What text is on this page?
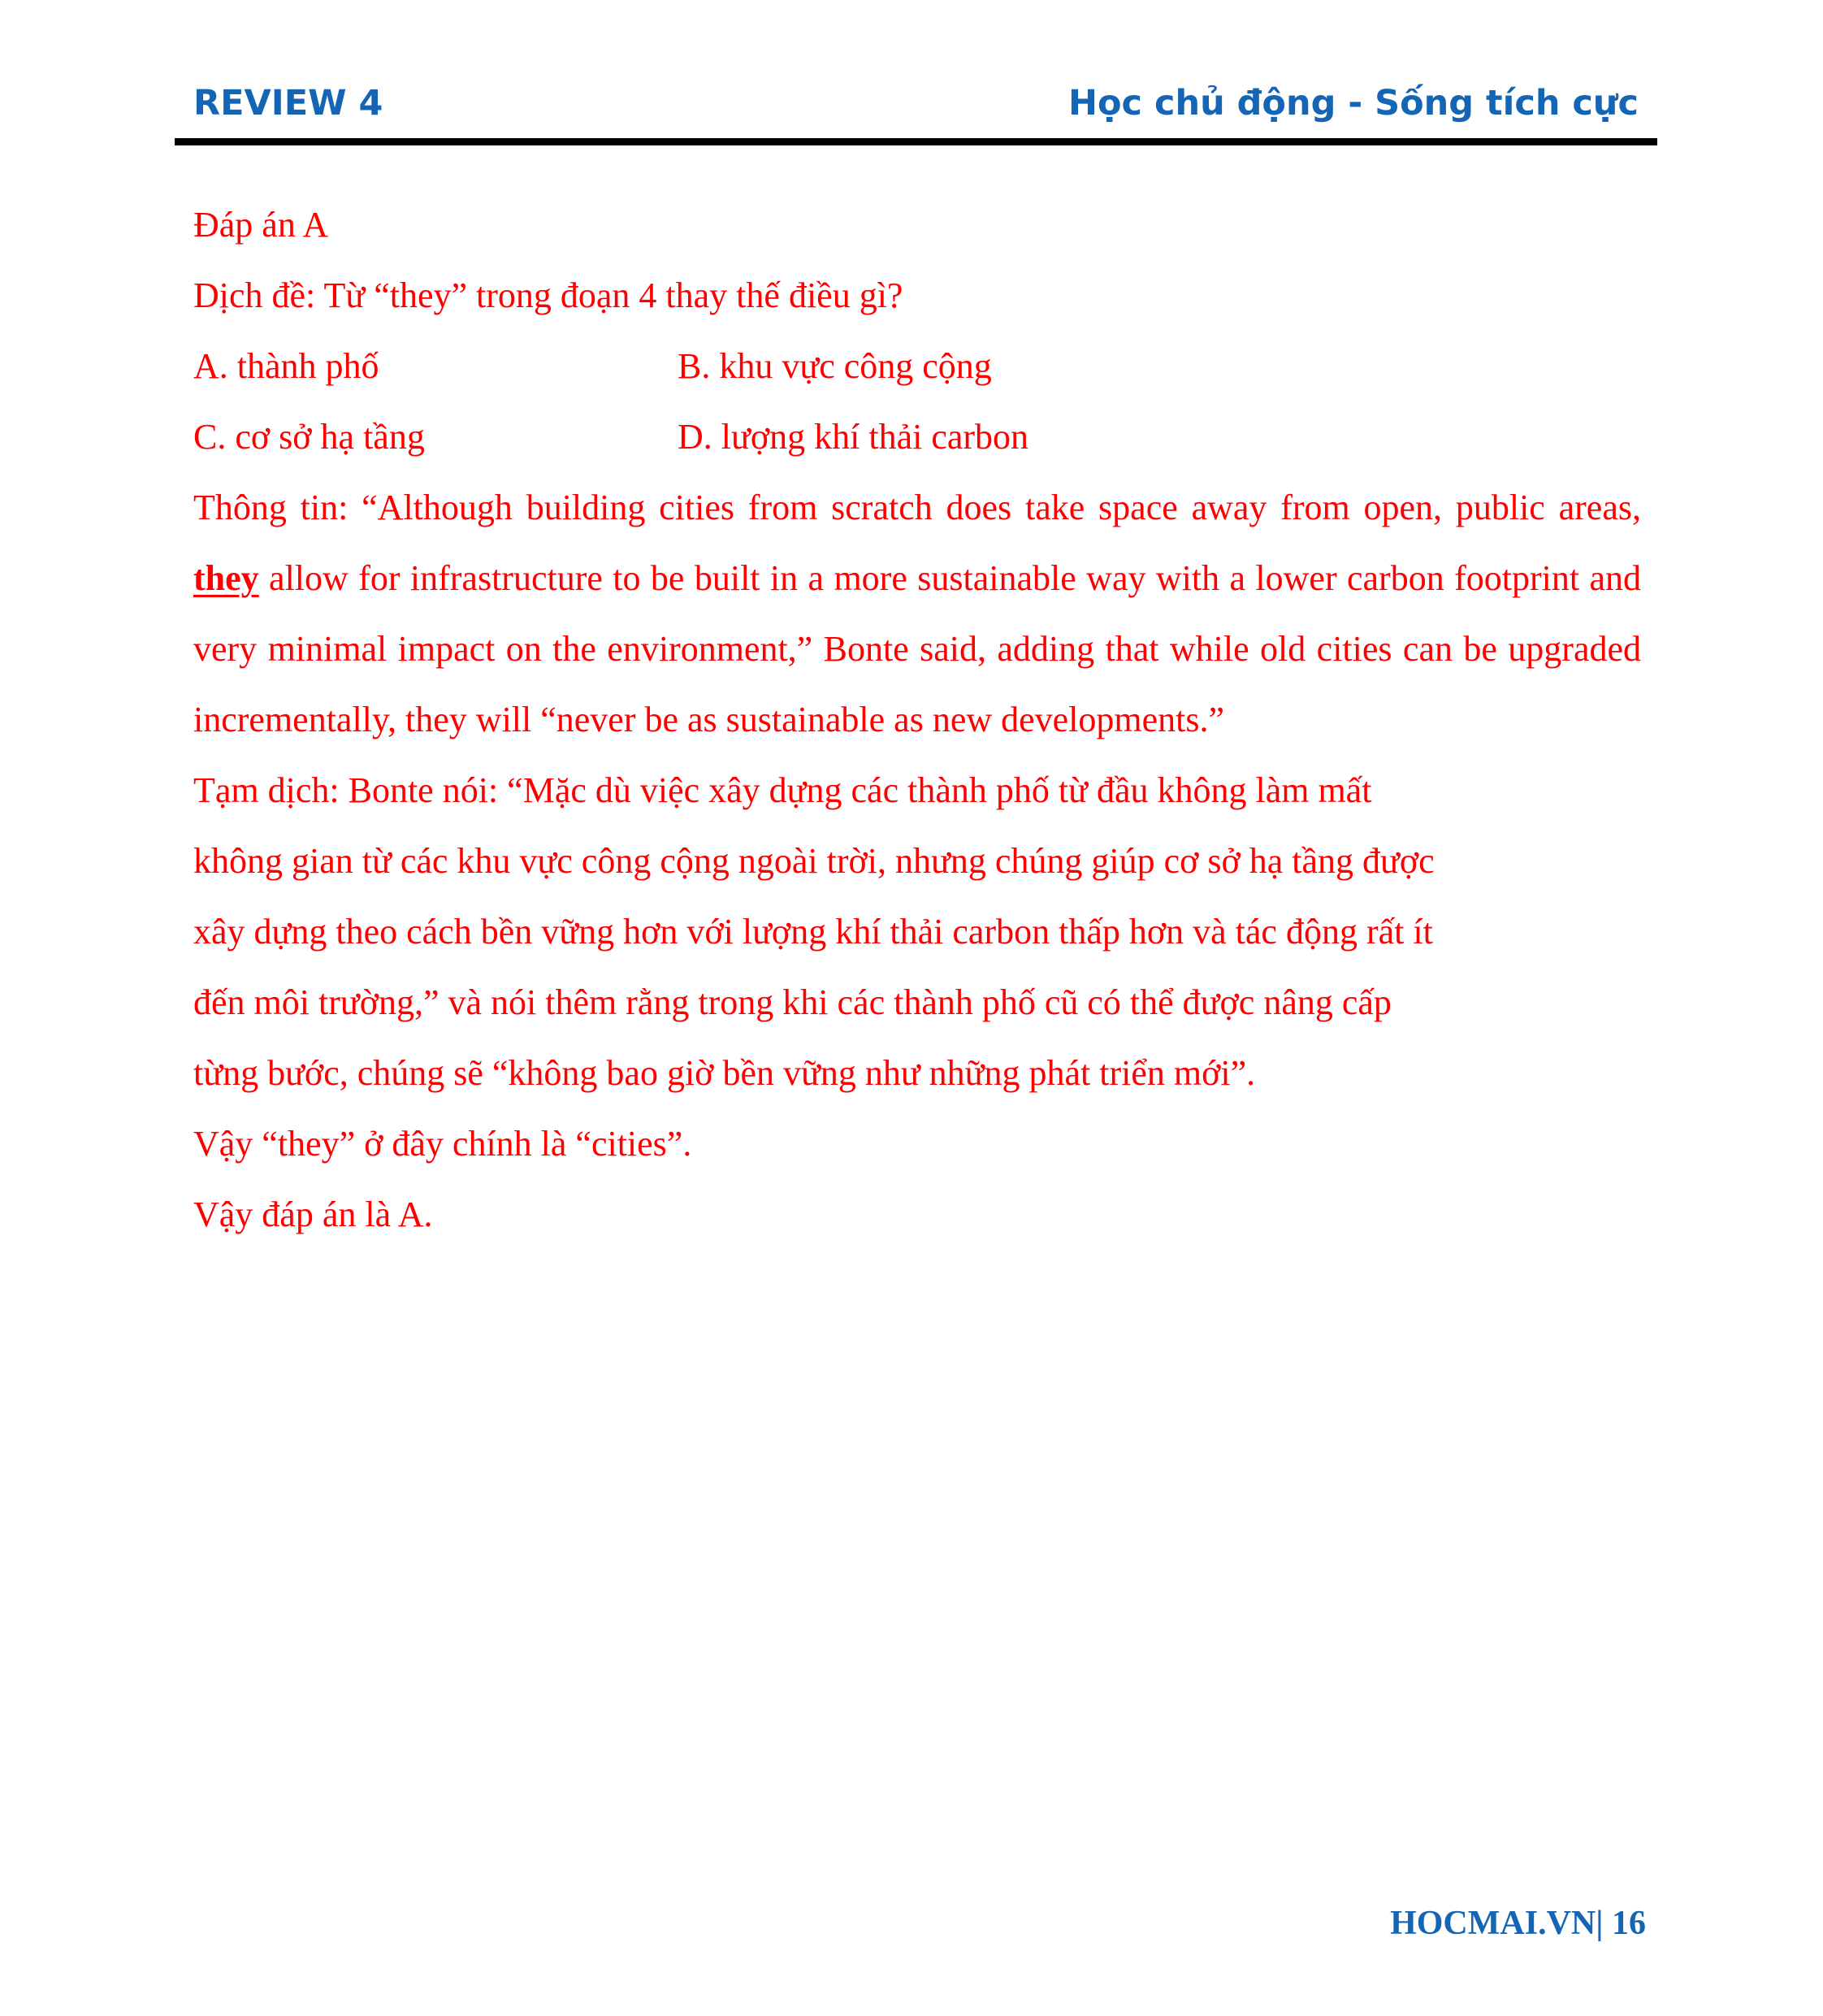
REVIEW 4	Học chủ động - Sống tích cực

Đáp án A

Dịch đề: Từ “they” trong đoạn 4 thay thế điều gì?

A. thành phố	B. khu vực công cộng
C. cơ sở hạ tầng	D. lượng khí thải carbon

Thông tin: “Although building cities from scratch does take space away from open, public areas, they allow for infrastructure to be built in a more sustainable way with a lower carbon footprint and very minimal impact on the environment,” Bonte said, adding that while old cities can be upgraded incrementally, they will “never be as sustainable as new developments.”

Tạm dịch: Bonte nói: “Mặc dù việc xây dựng các thành phố từ đầu không làm mất

không gian từ các khu vực công cộng ngoài trời, nhưng chúng giúp cơ sở hạ tầng được

xây dựng theo cách bền vững hơn với lượng khí thải carbon thấp hơn và tác động rất ít

đến môi trường,” và nói thêm rằng trong khi các thành phố cũ có thể được nâng cấp

từng bước, chúng sẽ “không bao giờ bền vững như những phát triển mới”.

Vậy “they” ở đây chính là “cities”.

Vậy đáp án là A.

HOCMAI.VN| 16
